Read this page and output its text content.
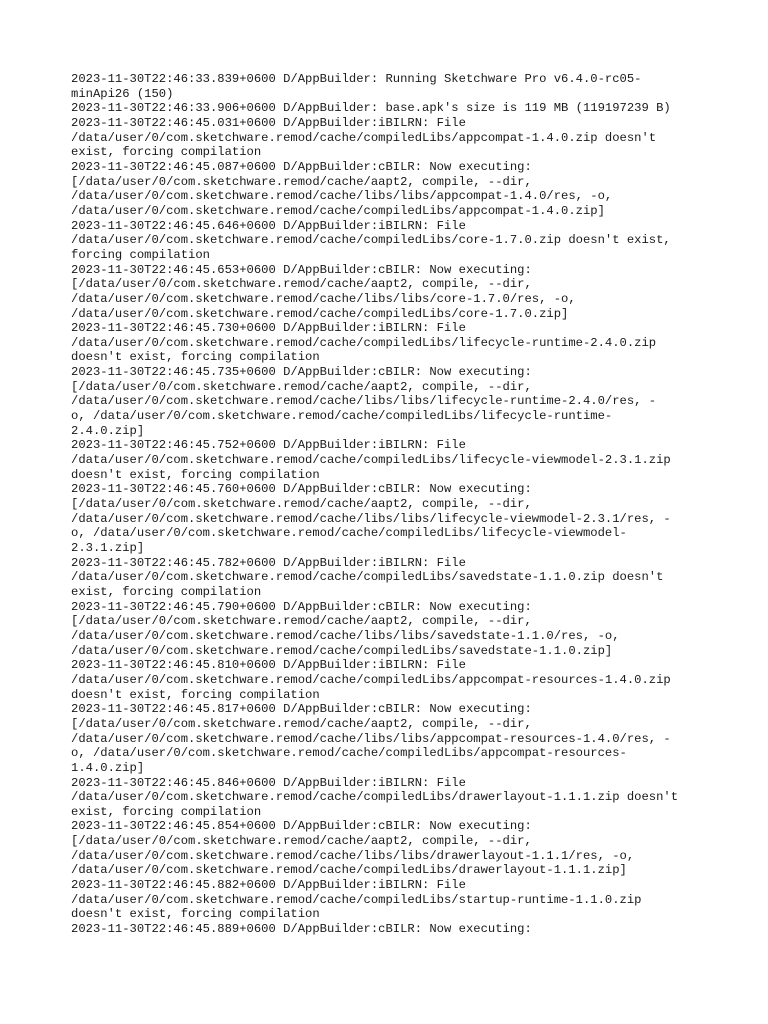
2023-11-30T22:46:33.839+0600 D/AppBuilder: Running Sketchware Pro v6.4.0-rc05-
minApi26 (150)
2023-11-30T22:46:33.906+0600 D/AppBuilder: base.apk's size is 119 MB (119197239 B)
2023-11-30T22:46:45.031+0600 D/AppBuilder:iBILRN: File
/data/user/0/com.sketchware.remod/cache/compiledLibs/appcompat-1.4.0.zip doesn't
exist, forcing compilation
2023-11-30T22:46:45.087+0600 D/AppBuilder:cBILR: Now executing:
[/data/user/0/com.sketchware.remod/cache/aapt2, compile, --dir,
/data/user/0/com.sketchware.remod/cache/libs/libs/appcompat-1.4.0/res, -o,
/data/user/0/com.sketchware.remod/cache/compiledLibs/appcompat-1.4.0.zip]
2023-11-30T22:46:45.646+0600 D/AppBuilder:iBILRN: File
/data/user/0/com.sketchware.remod/cache/compiledLibs/core-1.7.0.zip doesn't exist,
forcing compilation
2023-11-30T22:46:45.653+0600 D/AppBuilder:cBILR: Now executing:
[/data/user/0/com.sketchware.remod/cache/aapt2, compile, --dir,
/data/user/0/com.sketchware.remod/cache/libs/libs/core-1.7.0/res, -o,
/data/user/0/com.sketchware.remod/cache/compiledLibs/core-1.7.0.zip]
2023-11-30T22:46:45.730+0600 D/AppBuilder:iBILRN: File
/data/user/0/com.sketchware.remod/cache/compiledLibs/lifecycle-runtime-2.4.0.zip
doesn't exist, forcing compilation
2023-11-30T22:46:45.735+0600 D/AppBuilder:cBILR: Now executing:
[/data/user/0/com.sketchware.remod/cache/aapt2, compile, --dir,
/data/user/0/com.sketchware.remod/cache/libs/libs/lifecycle-runtime-2.4.0/res, -
o, /data/user/0/com.sketchware.remod/cache/compiledLibs/lifecycle-runtime-
2.4.0.zip]
2023-11-30T22:46:45.752+0600 D/AppBuilder:iBILRN: File
/data/user/0/com.sketchware.remod/cache/compiledLibs/lifecycle-viewmodel-2.3.1.zip
doesn't exist, forcing compilation
2023-11-30T22:46:45.760+0600 D/AppBuilder:cBILR: Now executing:
[/data/user/0/com.sketchware.remod/cache/aapt2, compile, --dir,
/data/user/0/com.sketchware.remod/cache/libs/libs/lifecycle-viewmodel-2.3.1/res, -
o, /data/user/0/com.sketchware.remod/cache/compiledLibs/lifecycle-viewmodel-
2.3.1.zip]
2023-11-30T22:46:45.782+0600 D/AppBuilder:iBILRN: File
/data/user/0/com.sketchware.remod/cache/compiledLibs/savedstate-1.1.0.zip doesn't
exist, forcing compilation
2023-11-30T22:46:45.790+0600 D/AppBuilder:cBILR: Now executing:
[/data/user/0/com.sketchware.remod/cache/aapt2, compile, --dir,
/data/user/0/com.sketchware.remod/cache/libs/libs/savedstate-1.1.0/res, -o,
/data/user/0/com.sketchware.remod/cache/compiledLibs/savedstate-1.1.0.zip]
2023-11-30T22:46:45.810+0600 D/AppBuilder:iBILRN: File
/data/user/0/com.sketchware.remod/cache/compiledLibs/appcompat-resources-1.4.0.zip
doesn't exist, forcing compilation
2023-11-30T22:46:45.817+0600 D/AppBuilder:cBILR: Now executing:
[/data/user/0/com.sketchware.remod/cache/aapt2, compile, --dir,
/data/user/0/com.sketchware.remod/cache/libs/libs/appcompat-resources-1.4.0/res, -
o, /data/user/0/com.sketchware.remod/cache/compiledLibs/appcompat-resources-
1.4.0.zip]
2023-11-30T22:46:45.846+0600 D/AppBuilder:iBILRN: File
/data/user/0/com.sketchware.remod/cache/compiledLibs/drawerlayout-1.1.1.zip doesn't
exist, forcing compilation
2023-11-30T22:46:45.854+0600 D/AppBuilder:cBILR: Now executing:
[/data/user/0/com.sketchware.remod/cache/aapt2, compile, --dir,
/data/user/0/com.sketchware.remod/cache/libs/libs/drawerlayout-1.1.1/res, -o,
/data/user/0/com.sketchware.remod/cache/compiledLibs/drawerlayout-1.1.1.zip]
2023-11-30T22:46:45.882+0600 D/AppBuilder:iBILRN: File
/data/user/0/com.sketchware.remod/cache/compiledLibs/startup-runtime-1.1.0.zip
doesn't exist, forcing compilation
2023-11-30T22:46:45.889+0600 D/AppBuilder:cBILR: Now executing:
